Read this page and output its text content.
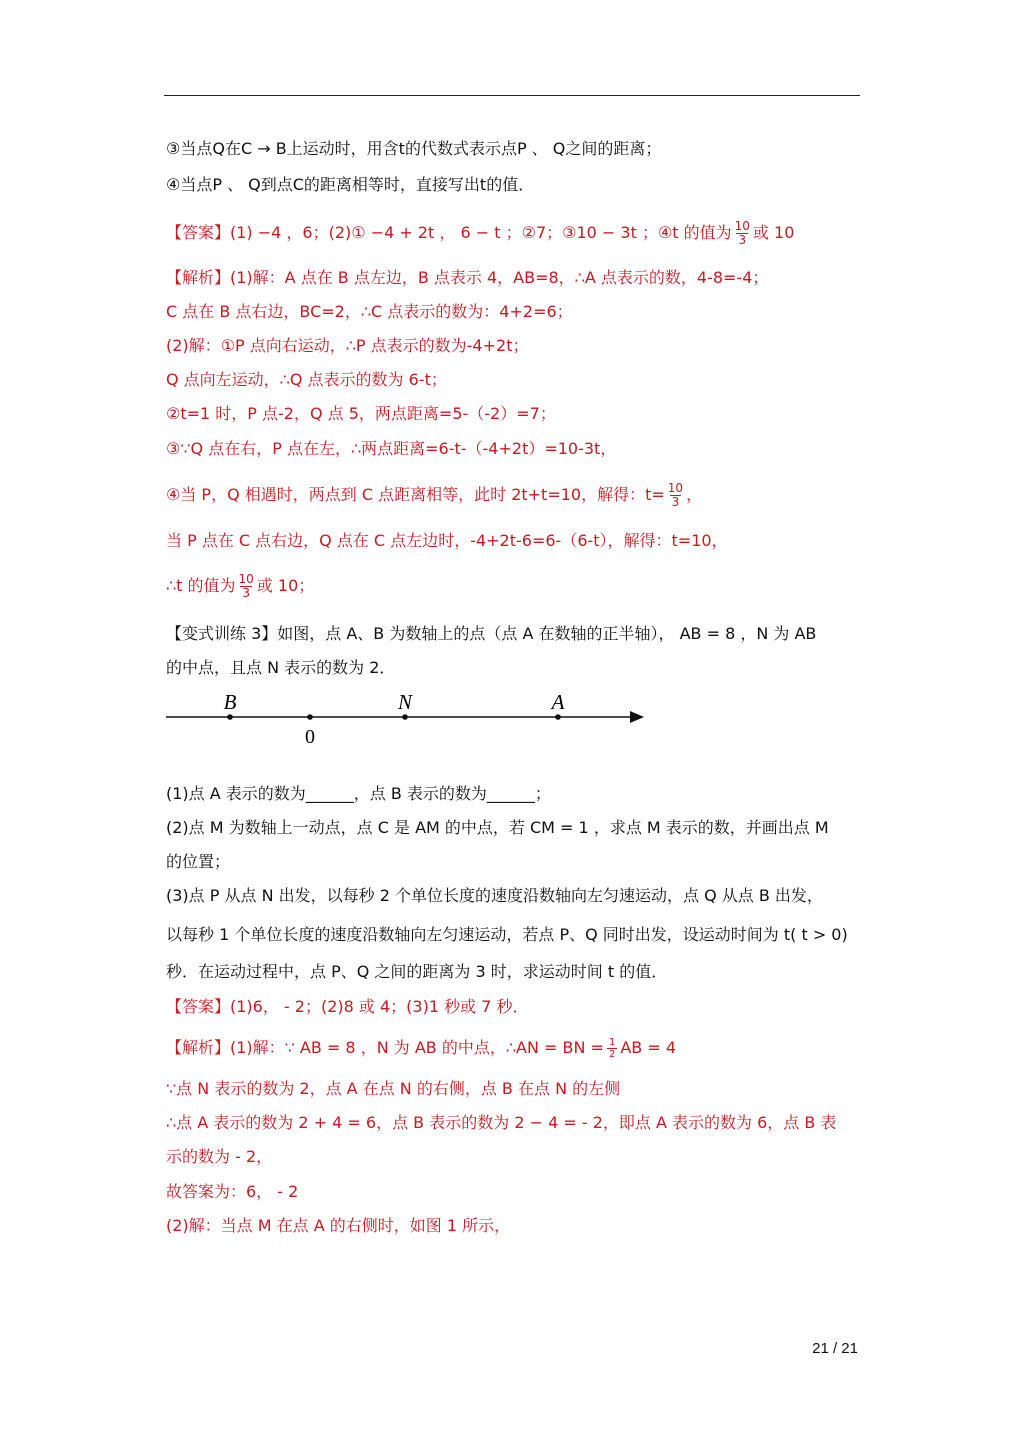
③当点Q在C → B上运动时，用含t的代数式表示点P 、 Q之间的距离；
④当点P 、 Q到点C的距离相等时，直接写出t的值．
【答案】(1) −4 ，6；(2)① −4 + 2t ， 6 − t ；②7；③10 − 3t ；④t 的值为 $\frac{10}{3}$ 或 10
【解析】(1)解：A 点在 B 点左边，B 点表示 4，AB=8，∴A 点表示的数，4-8=-4；
C 点在 B 点右边，BC=2，∴C 点表示的数为：4+2=6；
(2)解：①P 点向右运动，∴P 点表示的数为-4+2t；
Q 点向左运动，∴Q 点表示的数为 6-t；
②t=1 时，P 点-2，Q 点 5，两点距离=5-（-2）=7；
③∵Q 点在右，P 点在左，∴两点距离=6-t-（-4+2t）=10-3t，
④当 P，Q 相遇时，两点到 C 点距离相等，此时 2t+t=10，解得：$t= \frac{10}{3}$ ，
当 P 点在 C 点右边，Q 点在 C 点左边时，-4+2t-6=6-（6-t），解得：t=10，
∴t 的值为 $\frac{10}{3}$ 或 10；
【变式训练 3】如图，点 A、B 为数轴上的点（点 A 在数轴的正半轴）， AB = 8 ，N 为 AB
的中点，且点 N 表示的数为 2．
B	N	A
0
(1)点 A 表示的数为______，点 B 表示的数为______；
(2)点 M 为数轴上一动点，点 C 是 AM 的中点，若 CM = 1 ，求点 M 表示的数，并画出点 M
的位置；
(3)点 P 从点 N 出发，以每秒 2 个单位长度的速度沿数轴向左匀速运动，点 Q 从点 B 出发，
以每秒 1 个单位长度的速度沿数轴向左匀速运动，若点 P、Q 同时出发，设运动时间为 t( t > 0)
秒．在运动过程中，点 P、Q 之间的距离为 3 时，求运动时间 t 的值．
【答案】(1)6， - 2；(2)8 或 4；(3)1 秒或 7 秒．
【解析】(1)解：∵ AB = 8 ，N 为 AB 的中点，∴AN = BN = $\frac{1}{2}$ AB = 4
∵点 N 表示的数为 2，点 A 在点 N 的右侧，点 B 在点 N 的左侧
∴点 A 表示的数为 2 + 4 = 6，点 B 表示的数为 2 − 4 = - 2，即点 A 表示的数为 6，点 B 表
示的数为 - 2，
故答案为：6， - 2
(2)解：当点 M 在点 A 的右侧时，如图 1 所示，
21 / 21
